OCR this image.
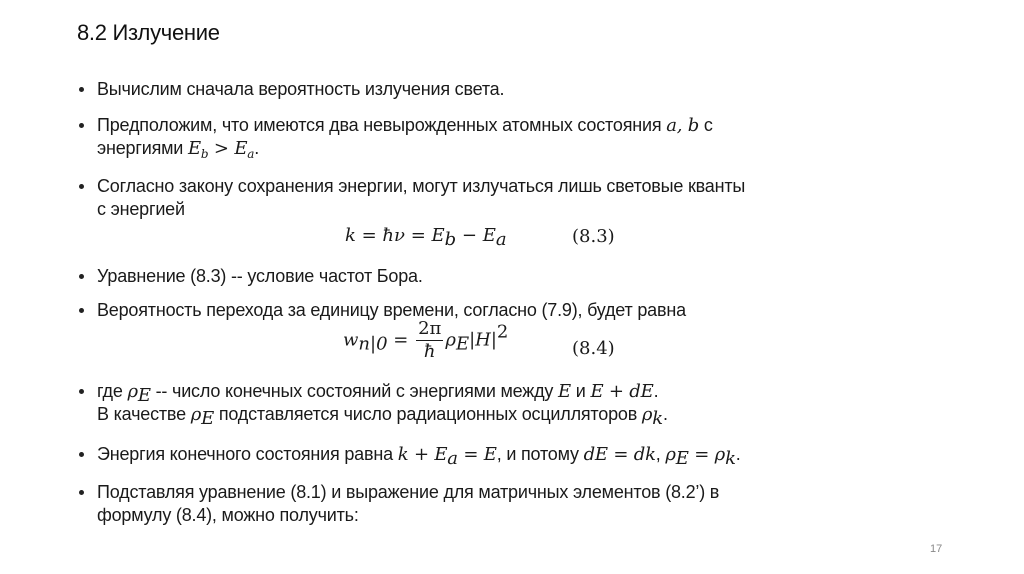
8.2 Излучение
Вычислим сначала вероятность излучения света.
Предположим, что имеются два невырожденных атомных состояния a, b с
энергиями $E_b > E_a$.
Согласно закону сохранения энергии, могут излучаться лишь световые кванты
с энергией
k = ħν = $E_b - E_a$	(8.3)
Уравнение (8.3) -- условие частот Бора.
Вероятность перехода за единицу времени, согласно (7.9), будет равна
$w_{n|0} = \frac{2\pi}{ħ} \rho_E|H|^2$
(8.4)
где $\rho_E$ -- число конечных состояний с энергиями между E и E + dE.
В качестве $\rho_E$ подставляется число радиационных осцилляторов $\rho_k$.
Энергия конечного состояния равна $k + E_a = E$, и потому dE = dk, $\rho_E = \rho_k$.
Подставляя уравнение (8.1) и выражение для матричных элементов (8.2’) в
формулу (8.4), можно получить:
17
